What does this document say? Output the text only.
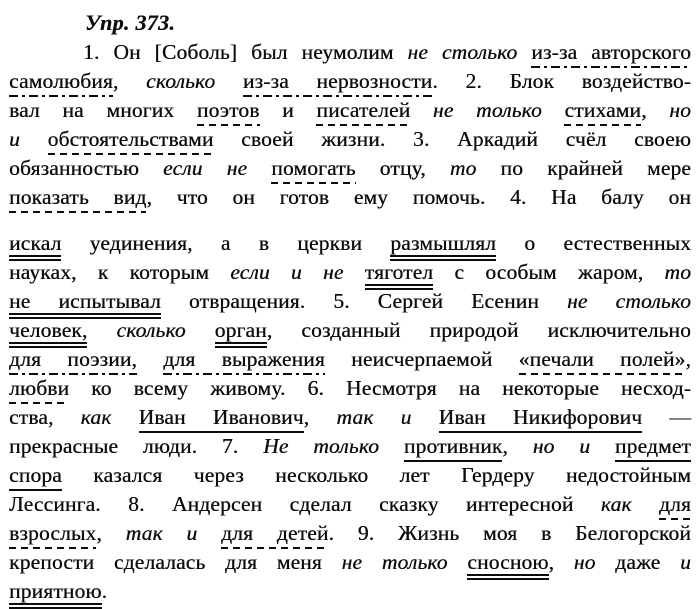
Упр. 373.
1. Он [Соболь] был неумолим не столько из-за авторского
самолюбия, сколько из-за нервозности. 2. Блок воздейство-
вал на многих поэтов и писателей не только стихами, но
и обстоятельствами своей жизни. 3. Аркадий счёл своею
обязанностью если не помогать отцу, то по крайней мере
показать вид, что он готов ему помочь. 4. На балу он
искал уединения, а в церкви размышлял о естественных
науках, к которым если и не тяготел с особым жаром, то
не испытывал отвращения. 5. Сергей Есенин не столько
человек, сколько орган, созданный природой исключительно
для поэзии, для выражения неисчерпаемой «печали полей»,
любви ко всему живому. 6. Несмотря на некоторые несход-
ства, как Иван Иванович, так и Иван Никифорович —
прекрасные люди. 7. Не только противник, но и предмет
спора казался через несколько лет Гердеру недостойным
Лессинга. 8. Андерсен сделал сказку интересной как для
взрослых, так и для детей. 9. Жизнь моя в Белогорской
крепости сделалась для меня не только сносною, но даже и
приятною.
